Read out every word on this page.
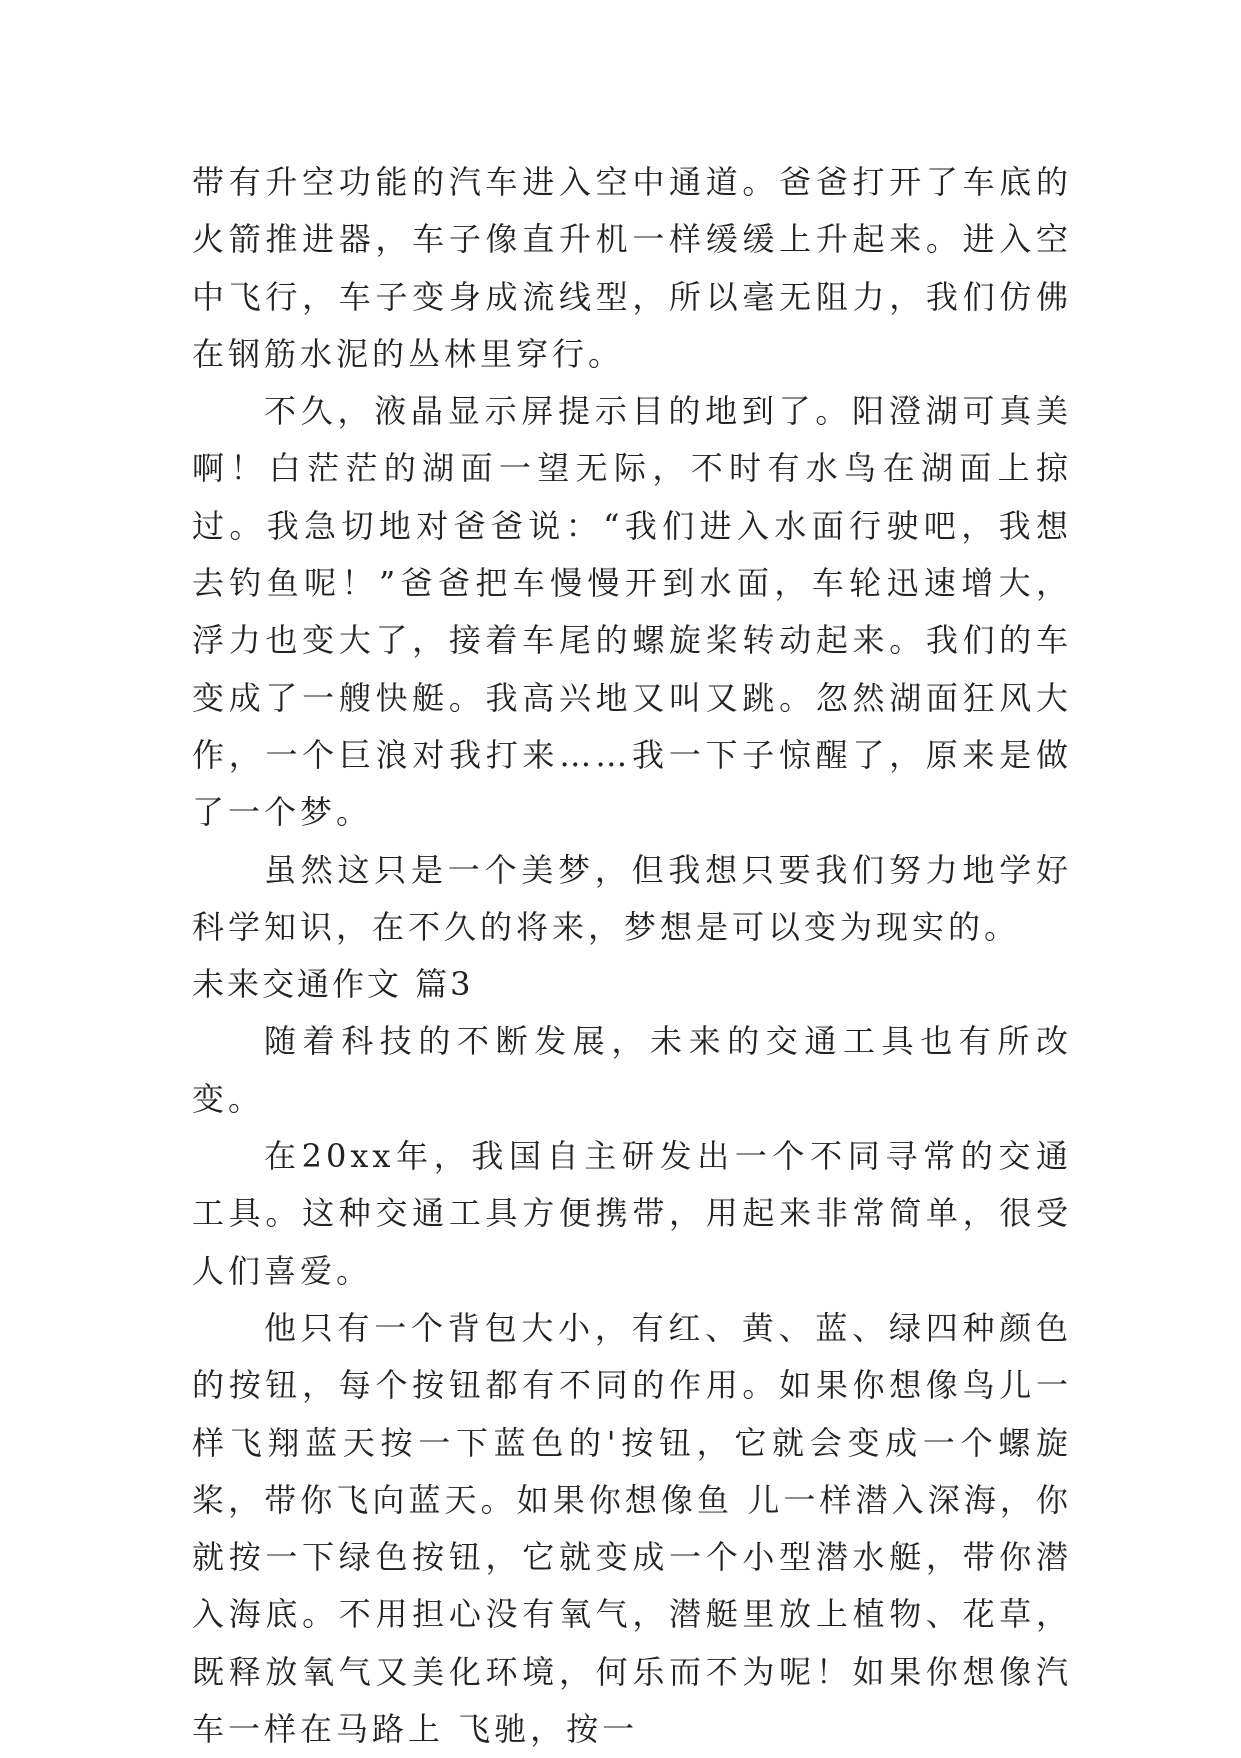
带有升空功能的汽车进入空中通道。爸爸打开了车底的火箭推进器，车子像直升机一样缓缓上升起来。进入空中飞行，车子变身成流线型，所以毫无阻力，我们仿佛在钢筋水泥的丛林里穿行。

不久，液晶显示屏提示目的地到了。阳澄湖可真美啊！白茫茫的湖面一望无际，不时有水鸟在湖面上掠过。我急切地对爸爸说：“我们进入水面行驶吧，我想去钓鱼呢！”爸爸把车慢慢开到水面，车轮迅速增大，浮力也变大了，接着车尾的螺旋桨转动起来。我们的车变成了一艘快艇。我高兴地又叫又跳。忽然湖面狂风大作，一个巨浪对我打来……我一下子惊醒了，原来是做了一个梦。

虽然这只是一个美梦，但我想只要我们努力地学好科学知识，在不久的将来，梦想是可以变为现实的。

未来交通作文 篇3

随着科技的不断发展，未来的交通工具也有所改变。

在20xx年，我国自主研发出一个不同寻常的交通工具。这种交通工具方便携带，用起来非常简单，很受人们喜爱。

他只有一个背包大小，有红、黄、蓝、绿四种颜色的按钮，每个按钮都有不同的作用。如果你想像鸟儿一样飞翔蓝天按一下蓝色的'按钮，它就会变成一个螺旋桨，带你飞向蓝天。如果你想像鱼 儿一样潜入深海，你就按一下绿色按钮，它就变成一个小型潜水艇，带你潜入海底。不用担心没有氧气，潜艇里放上植物、花草，既释放氧气又美化环境，何乐而不为呢！如果你想像汽车一样在马路上 飞驰，按一
